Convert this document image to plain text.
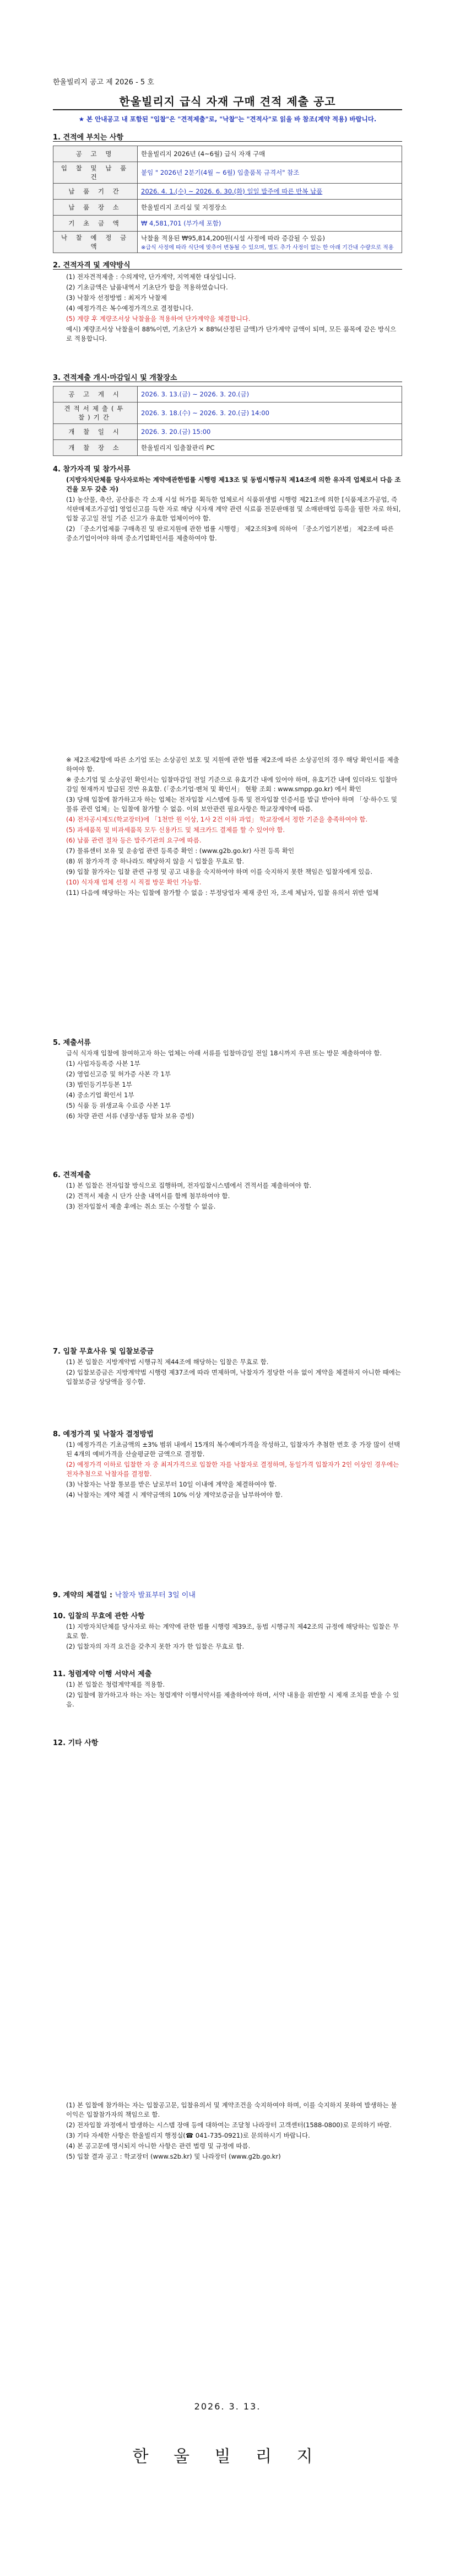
한울빌리지 공고 제 2026 - 5 호
한울빌리지 급식 자재 구매 견적 제출 공고
★ 본 안내공고 내 포함된 "입찰"은 "견적제출"로, "낙찰"는 "견적사"로 읽을 바 참조(계약 적용) 바랍니다.
1. 견적에 부치는 사항
공 고 명	한울빌리지 2026년 (4~6월) 급식 자재 구매
입 찰 및 납 품 건	붙임 " 2026년 2분기(4월 ~ 6월) 입출품목 규격서" 참조
납 품 기 간	2026. 4. 1.(수) ~ 2026. 6. 30.(화) 일일 발주에 따른 반복 납품
납 품 장 소	한울빌리지 조리실 및 지정장소
기 초 금 액	₩ 4,581,701 (부가세 포함)
낙 찰 예 정 금 액	낙찰율 적용된 ₩95,814,200원(시설 사정에 따라 증감될 수 있음)
※급식 사정에 따라 식단에 맞추어 변동될 수 있으며, 별도 추가 사정이 없는 한 아래 기간내 수량으로 적용
2. 견적자격 및 계약방식

(1) 전자견적제출 : 수의계약, 단가계약, 지역제한 대상입니다.

(2) 기초금액은 납품내역서 기초단가 합을 적용하였습니다.

(3) 낙찰자 선정방법 : 최저가 낙찰제

(4) 예정가격은 복수예정가격으로 결정합니다.

(5) 계량 후 계량조서상 낙찰율을 적용하여 단가계약을 체결합니다.

예시) 계량조서상 낙찰율이 88%이면, 기초단가 × 88%(산정된 금액)가 단가계약 금액이 되며, 모든 품목에 같은 방식으로 적용합니다.

3. 견적제출 개시·마감일시 및 개찰장소
공 고 게 시	2026. 3. 13.(금) ~ 2026. 3. 20.(금)
견적서제출(투찰)기간	2026. 3. 18.(수) ~ 2026. 3. 20.(금) 14:00
개 찰 일 시	2026. 3. 20.(금) 15:00
개 찰 장 소	한울빌리지 입출찰관리 PC
4. 참가자격 및 참가서류

(지방자치단체를 당사자로하는 계약에관한법률 시행령 제13조 및 동법시행규칙 제14조에 의한 유자격 업체로서 다음 조건을 모두 갖춘 자)

(1) 농산물, 축산, 공산품은 각 소재 시설 허가를 획득한 업체로서 식품위생법 시행령 제21조에 의한 [식품제조가공업, 즉석판매제조가공업] 영업신고를 득한 자로 해당 식자재 계약 관련 식료품 전문판매점 및 소매판매업 등록을 필한 자로 하되, 입찰 공고일 전일 기준 신고가 유효한 업체이어야 함.

(2) 「중소기업제품 구매촉진 및 판로지원에 관한 법률 시행령」 제2조의3에 의하여 「중소기업기본법」 제2조에 따른 중소기업이어야 하며 중소기업확인서를 제출하여야 함.

※ 제2조제2항에 따른 소기업 또는 소상공인 보호 및 지원에 관한 법률 제2조에 따른 소상공인의 경우 해당 확인서를 제출하여야 함.

※ 중소기업 및 소상공인 확인서는 입찰마감일 전일 기준으로 유효기간 내에 있어야 하며, 유효기간 내에 있더라도 입찰마감일 현재까지 발급된 것만 유효함. (「중소기업·벤처 및 확인서」 현황 조회 : www.smpp.go.kr) 에서 확인

(3) 당해 입찰에 참가하고자 하는 업체는 전자입찰 시스템에 등록 및 전자입찰 인증서를 발급 받아야 하며 「상·하수도 및 물류 관련 업체」는 입찰에 참가할 수 없음. 이외 보안관련 필요사항은 학교장계약에 따름.

(4) 전자공시제도(학교장터)에 「1천만 원 이상, 1사 2건 이하 과업」 학교장에서 정한 기준을 충족하여야 함.

(5) 과세품목 및 비과세품목 모두 신용카드 및 체크카드 결제를 할 수 있어야 함.

(6) 납품 관련 절차 등은 발주기관의 요구에 따름.

(7) 물류센터 보유 및 운송업 관련 등록증 확인 : (www.g2b.go.kr) 사전 등록 확인

(8) 위 참가자격 중 하나라도 해당하지 않을 시 입찰을 무효로 함.

(9) 입찰 참가자는 입찰 관련 규정 및 공고 내용을 숙지하여야 하며 이를 숙지하지 못한 책임은 입찰자에게 있음.

(10) 식자재 업체 선정 시 직접 방문 확인 가능함.

(11) 다음에 해당하는 자는 입찰에 참가할 수 없음 : 부정당업자 제재 중인 자, 조세 체납자, 입찰 유의서 위반 업체

5. 제출서류

급식 식자재 입찰에 참여하고자 하는 업체는 아래 서류를 입찰마감일 전일 18시까지 우편 또는 방문 제출하여야 함.

(1) 사업자등록증 사본 1부

(2) 영업신고증 및 허가증 사본 각 1부

(3) 법인등기부등본 1부

(4) 중소기업 확인서 1부

(5) 식품 등 위생교육 수료증 사본 1부

(6) 차량 관련 서류 (냉장·냉동 탑차 보유 증빙)

6. 견적제출

(1) 본 입찰은 전자입찰 방식으로 집행하며, 전자입찰시스템에서 견적서를 제출하여야 함.

(2) 견적서 제출 시 단가 산출 내역서를 함께 첨부하여야 함.

(3) 전자입찰서 제출 후에는 취소 또는 수정할 수 없음.

7. 입찰 무효사유 및 입찰보증금

(1) 본 입찰은 지방계약법 시행규칙 제44조에 해당하는 입찰은 무효로 함.

(2) 입찰보증금은 지방계약법 시행령 제37조에 따라 면제하며, 낙찰자가 정당한 이유 없이 계약을 체결하지 아니한 때에는 입찰보증금 상당액을 징수함.

8. 예정가격 및 낙찰자 결정방법

(1) 예정가격은 기초금액의 ±3% 범위 내에서 15개의 복수예비가격을 작성하고, 입찰자가 추첨한 번호 중 가장 많이 선택된 4개의 예비가격을 산술평균한 금액으로 결정함.

(2) 예정가격 이하로 입찰한 자 중 최저가격으로 입찰한 자를 낙찰자로 결정하며, 동일가격 입찰자가 2인 이상인 경우에는 전자추첨으로 낙찰자를 결정함.

(3) 낙찰자는 낙찰 통보를 받은 날로부터 10일 이내에 계약을 체결하여야 함.

(4) 낙찰자는 계약 체결 시 계약금액의 10% 이상 계약보증금을 납부하여야 함.

9. 계약의 체결일 : 낙찰자 발표부터 3일 이내
10. 입찰의 무효에 관한 사항

(1) 지방자치단체를 당사자로 하는 계약에 관한 법률 시행령 제39조, 동법 시행규칙 제42조의 규정에 해당하는 입찰은 무효로 함.

(2) 입찰자의 자격 요건을 갖추지 못한 자가 한 입찰은 무효로 함.

11. 청렴계약 이행 서약서 제출

(1) 본 입찰은 청렴계약제를 적용함.

(2) 입찰에 참가하고자 하는 자는 청렴계약 이행서약서를 제출하여야 하며, 서약 내용을 위반할 시 제재 조치를 받을 수 있음.

12. 기타 사항

(1) 본 입찰에 참가하는 자는 입찰공고문, 입찰유의서 및 계약조건을 숙지하여야 하며, 이를 숙지하지 못하여 발생하는 불이익은 입찰참가자의 책임으로 함.

(2) 전자입찰 과정에서 발생하는 시스템 장애 등에 대하여는 조달청 나라장터 고객센터(1588-0800)로 문의하기 바람.

(3) 기타 자세한 사항은 한울빌리지 행정실(☎ 041-735-0921)로 문의하시기 바랍니다.

(4) 본 공고문에 명시되지 아니한 사항은 관련 법령 및 규정에 따름.

(5) 입찰 결과 공고 : 학교장터 (www.s2b.kr) 및 나라장터 (www.g2b.go.kr)

2026. 3. 13.
한 울 빌 리 지
